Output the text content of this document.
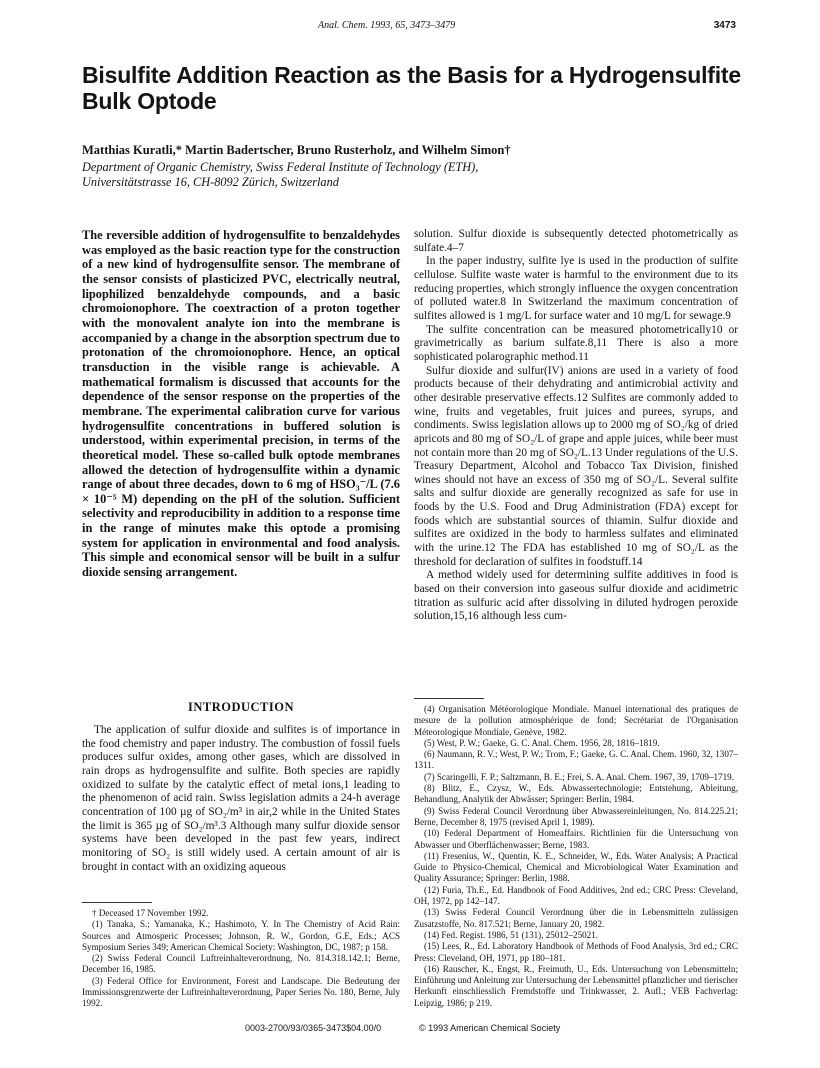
Anal. Chem. 1993, 65, 3473–3479	3473
Bisulfite Addition Reaction as the Basis for a Hydrogensulfite Bulk Optode
Matthias Kuratli,* Martin Badertscher, Bruno Rusterholz, and Wilhelm Simon†
Department of Organic Chemistry, Swiss Federal Institute of Technology (ETH),
Universitätstrasse 16, CH-8092 Zürich, Switzerland
The reversible addition of hydrogensulfite to benzaldehydes was employed as the basic reaction type for the construction of a new kind of hydrogensulfite sensor. The membrane of the sensor consists of plasticized PVC, electrically neutral, lipophilized benzaldehyde compounds, and a basic chromoionophore. The coextraction of a proton together with the monovalent analyte ion into the membrane is accompanied by a change in the absorption spectrum due to protonation of the chromoionophore. Hence, an optical transduction in the visible range is achievable. A mathematical formalism is discussed that accounts for the dependence of the sensor response on the properties of the membrane. The experimental calibration curve for various hydrogensulfite concentrations in buffered solution is understood, within experimental precision, in terms of the theoretical model. These so-called bulk optode membranes allowed the detection of hydrogensulfite within a dynamic range of about three decades, down to 6 mg of HSO₃⁻/L (7.6 × 10⁻⁵ M) depending on the pH of the solution. Sufficient selectivity and reproducibility in addition to a response time in the range of minutes make this optode a promising system for application in environmental and food analysis. This simple and economical sensor will be built in a sulfur dioxide sensing arrangement.

solution. Sulfur dioxide is subsequently detected photometrically as sulfate.4–7

In the paper industry, sulfite lye is used in the production of sulfite cellulose. Sulfite waste water is harmful to the environment due to its reducing properties, which strongly influence the oxygen concentration of polluted water.8 In Switzerland the maximum concentration of sulfites allowed is 1 mg/L for surface water and 10 mg/L for sewage.9

The sulfite concentration can be measured photometrically10 or gravimetrically as barium sulfate.8,11 There is also a more sophisticated polarographic method.11

Sulfur dioxide and sulfur(IV) anions are used in a variety of food products because of their dehydrating and antimicrobial activity and other desirable preservative effects.12 Sulfites are commonly added to wine, fruits and vegetables, fruit juices and purees, syrups, and condiments. Swiss legislation allows up to 2000 mg of SO₂/kg of dried apricots and 80 mg of SO₂/L of grape and apple juices, while beer must not contain more than 20 mg of SO₂/L.13 Under regulations of the U.S. Treasury Department, Alcohol and Tobacco Tax Division, finished wines should not have an excess of 350 mg of SO₂/L. Several sulfite salts and sulfur dioxide are generally recognized as safe for use in foods by the U.S. Food and Drug Administration (FDA) except for foods which are substantial sources of thiamin. Sulfur dioxide and sulfites are oxidized in the body to harmless sulfates and eliminated with the urine.12 The FDA has established 10 mg of SO₂/L as the threshold for declaration of sulfites in foodstuff.14

A method widely used for determining sulfite additives in food is based on their conversion into gaseous sulfur dioxide and acidimetric titration as sulfuric acid after dissolving in diluted hydrogen peroxide solution,15,16 although less cum-

(4) Organisation Météorologique Mondiale. Manuel international des pratiques de mesure de la pollution atmosphérique de fond; Secrétariat de l'Organisation Méteorologique Mondiale, Genève, 1982.

(5) West, P. W.; Gaeke, G. C. Anal. Chem. 1956, 28, 1816–1819.

(6) Naumann, R. V.; West, P. W.; Trom, F.; Gaeke, G. C. Anal. Chem. 1960, 32, 1307–1311.

(7) Scaringelli, F. P.; Saltzmann, B. E.; Frei, S. A. Anal. Chem. 1967, 39, 1709–1719.

(8) Blitz, E., Czysz, W., Eds. Abwassertechnologie; Entstehung, Ableitung, Behandlung, Analytik der Abwässer; Springer: Berlin, 1984.

(9) Swiss Federal Council Verordnung über Abwassereinleitungen, No. 814.225.21; Berne, December 8, 1975 (revised April 1, 1989).

(10) Federal Department of Homeaffairs. Richtlinien für die Untersuchung von Abwasser und Oberflächenwasser; Berne, 1983.

(11) Fresenius, W., Quentin, K. E., Schneider, W., Eds. Water Analysis; A Practical Guide to Physico-Chemical, Chemical and Microbiological Water Examination and Quality Assurance; Springer: Berlin, 1988.

(12) Furia, Th.E., Ed. Handbook of Food Additives, 2nd ed.; CRC Press: Cleveland, OH, 1972, pp 142–147.

(13) Swiss Federal Council Verordnung über die in Lebensmitteln zulässigen Zusatzstoffe, No. 817.521; Berne, January 20, 1982.

(14) Fed. Regist. 1986, 51 (131), 25012–25021.

(15) Lees, R., Ed. Laboratory Handbook of Methods of Food Analysis, 3rd ed.; CRC Press: Cleveland, OH, 1971, pp 180–181.

(16) Rauscher, K., Engst, R., Freimuth, U., Eds. Untersuchung von Lebensmitteln; Einführung und Anleitung zur Untersuchung der Lebensmittel pflanzlicher und tierischer Herkunft einschliesslich Fremdstoffe und Trinkwasser, 2. Aufl.; VEB Fachverlag: Leipzig, 1986; p 219.

INTRODUCTION

The application of sulfur dioxide and sulfites is of importance in the food chemistry and paper industry. The combustion of fossil fuels produces sulfur oxides, among other gases, which are dissolved in rain drops as hydrogensulfite and sulfite. Both species are rapidly oxidized to sulfate by the catalytic effect of metal ions,1 leading to the phenomenon of acid rain. Swiss legislation admits a 24-h average concentration of 100 µg of SO₂/m³ in air,2 while in the United States the limit is 365 µg of SO₂/m³.3 Although many sulfur dioxide sensor systems have been developed in the past few years, indirect monitoring of SO₂ is still widely used. A certain amount of air is brought in contact with an oxidizing aqueous

† Deceased 17 November 1992.

(1) Tanaka, S.; Yamanaka, K.; Hashimoto, Y. In The Chemistry of Acid Rain: Sources and Atmosperic Processes; Johnson, R. W., Gordon, G.E, Eds.; ACS Symposium Series 349; American Chemical Society: Washington, DC, 1987; p 158.

(2) Swiss Federal Council Luftreinhalteverordnung, No. 814.318.142.1; Berne, December 16, 1985.

(3) Federal Office for Environment, Forest and Landscape. Die Bedeutung der Immissionsgrenzwerte der Luftreinhalteverordnung, Paper Series No. 180, Berne, July 1992.

0003-2700/93/0365-3473$04.00/0	© 1993 American Chemical Society
